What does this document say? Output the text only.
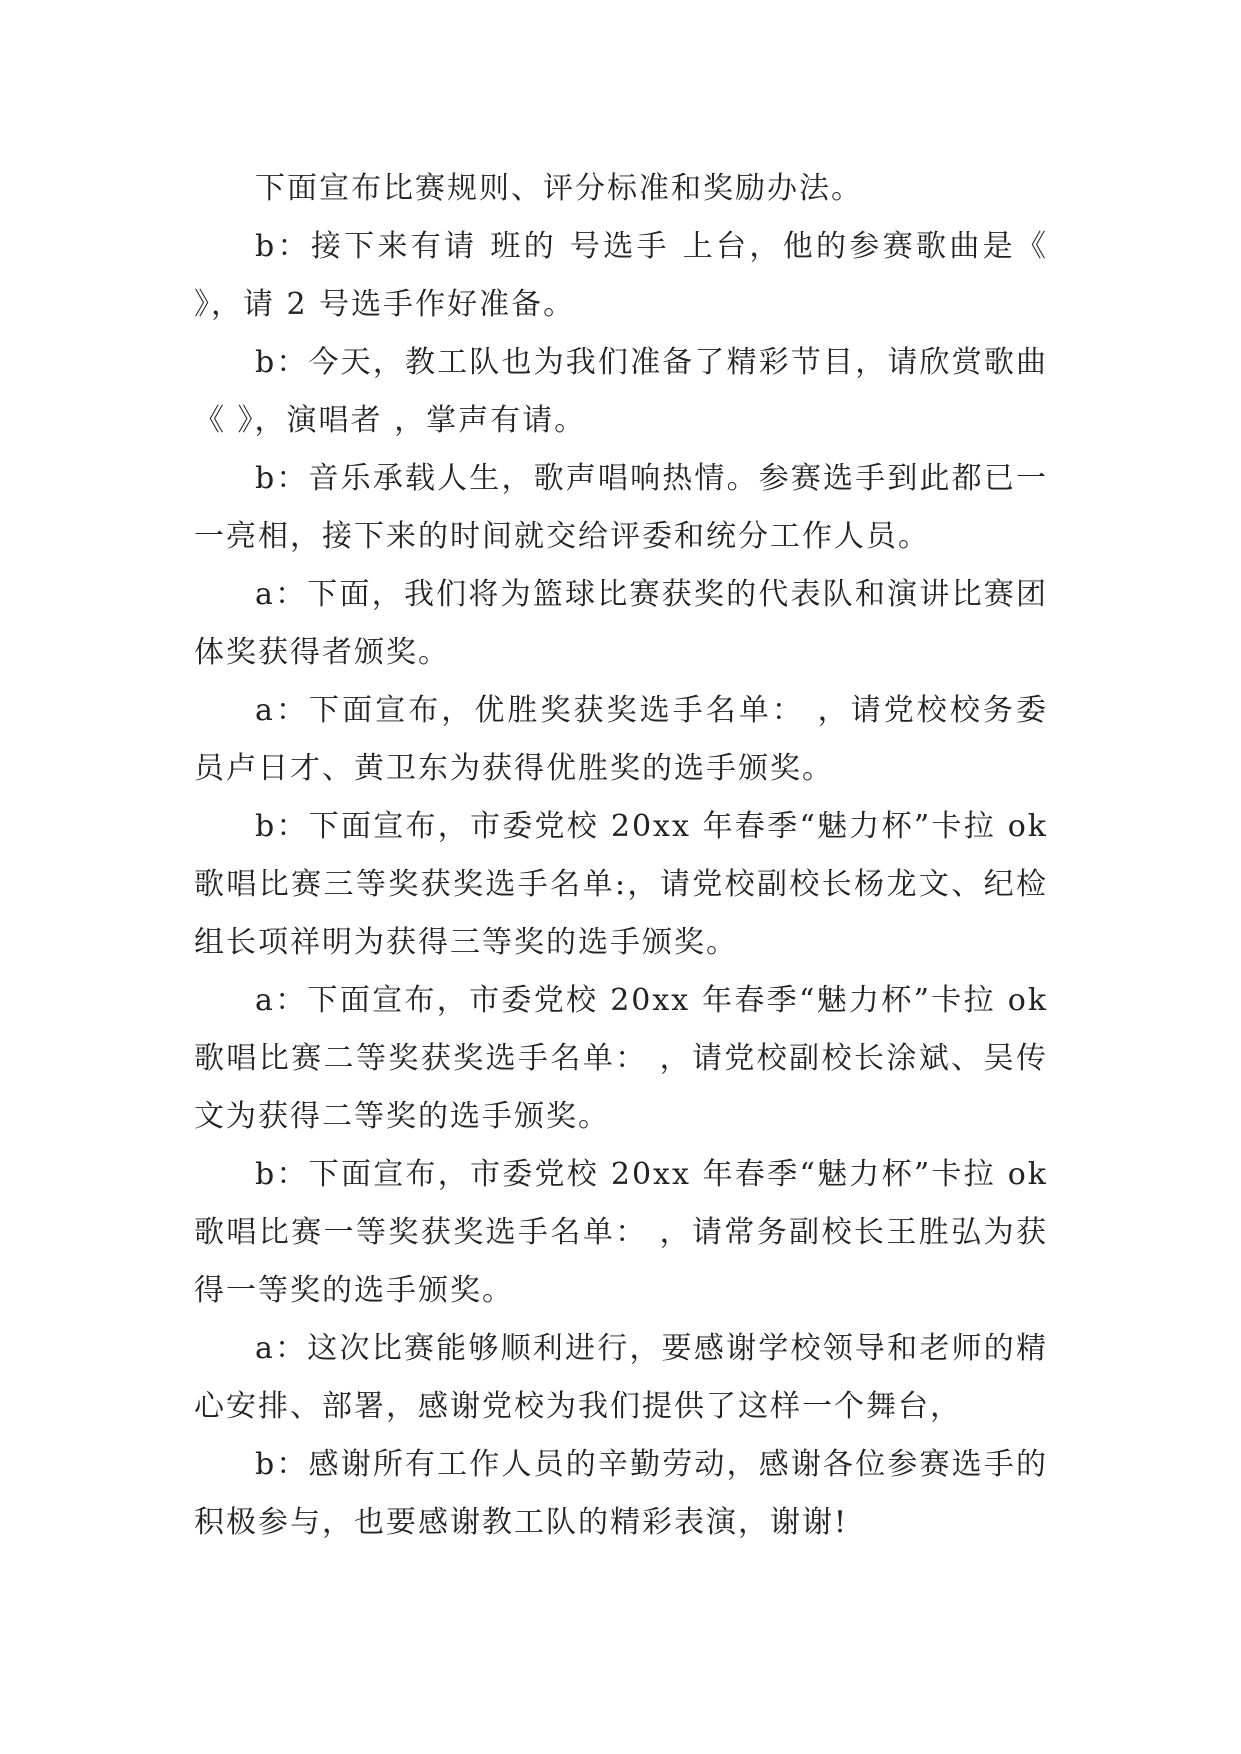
下面宣布比赛规则、评分标准和奖励办法。

b：接下来有请 班的 号选手 上台，他的参赛歌曲是《 》，请 2 号选手作好准备。

b：今天，教工队也为我们准备了精彩节目，请欣赏歌曲《 》，演唱者 ，掌声有请。

b：音乐承载人生，歌声唱响热情。参赛选手到此都已一一亮相，接下来的时间就交给评委和统分工作人员。

a：下面，我们将为篮球比赛获奖的代表队和演讲比赛团体奖获得者颁奖。

a：下面宣布，优胜奖获奖选手名单： ，请党校校务委员卢日才、黄卫东为获得优胜奖的选手颁奖。

b：下面宣布，市委党校 20xx 年春季“魅力杯”卡拉 ok 歌唱比赛三等奖获奖选手名单:，请党校副校长杨龙文、纪检组长项祥明为获得三等奖的选手颁奖。

a：下面宣布，市委党校 20xx 年春季“魅力杯”卡拉 ok 歌唱比赛二等奖获奖选手名单： ，请党校副校长涂斌、吴传文为获得二等奖的选手颁奖。

b：下面宣布，市委党校 20xx 年春季“魅力杯”卡拉 ok 歌唱比赛一等奖获奖选手名单： ，请常务副校长王胜弘为获得一等奖的选手颁奖。

a：这次比赛能够顺利进行，要感谢学校领导和老师的精心安排、部署，感谢党校为我们提供了这样一个舞台，

b：感谢所有工作人员的辛勤劳动，感谢各位参赛选手的积极参与，也要感谢教工队的精彩表演，谢谢!
